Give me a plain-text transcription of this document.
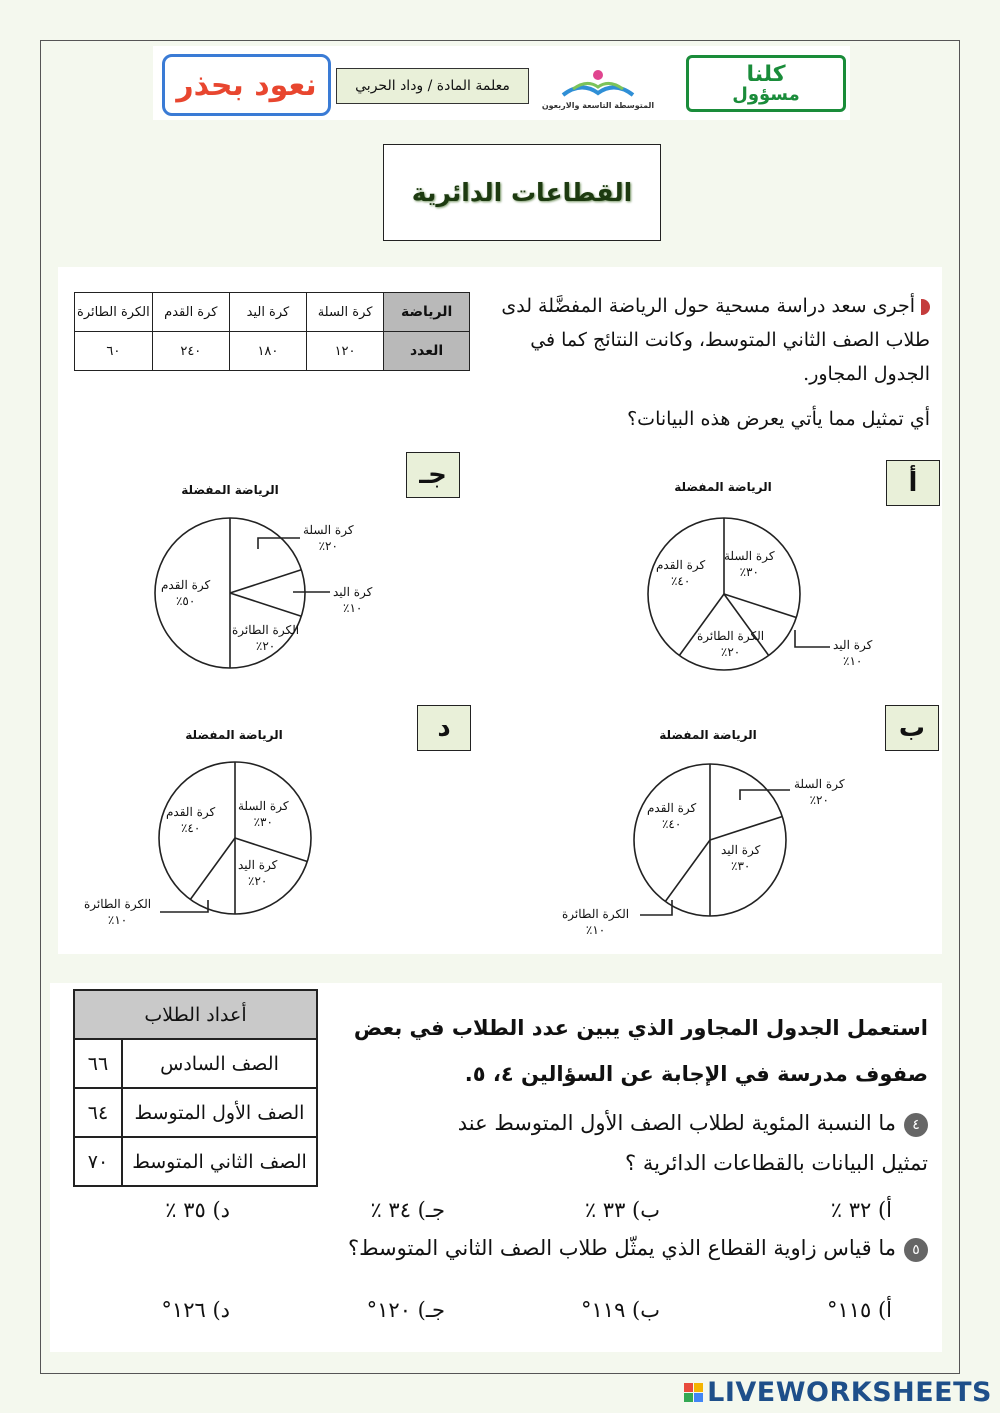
نعود بحذر	معلمة المادة / وداد الحربي
المتوسطة التاسعة والاربعون
كلنا
مسؤول
القطاعات الدائرية
الرياضة	كرة السلة	كرة اليد	كرة القدم	الكرة الطائرة
العدد	١٢٠	١٨٠	٢٤٠	٦٠
أجرى سعد دراسة مسحية حول الرياضة المفضَّلة لدى طلاب الصف الثاني المتوسط، وكانت النتائج كما في الجدول المجاور.
أي تمثيل مما يأتي يعرض هذه البيانات؟
أ
ب
جـ
د
الرياضة المفضلة
الرياضة المفضلة
الرياضة المفضلة
الرياضة المفضلة
كرة السلة
٣٠٪
كرة القدم
٤٠٪
الكرة الطائرة
٢٠٪	كرة اليد
١٠٪
كرة السلة
٢٠٪
كرة القدم
٤٠٪
كرة اليد
٣٠٪
الكرة الطائرة
١٠٪
كرة السلة
٢٠٪
كرة القدم
٥٠٪
كرة اليد
١٠٪
الكرة الطائرة
٢٠٪
كرة السلة
٣٠٪
كرة القدم
٤٠٪
كرة اليد
٢٠٪
الكرة الطائرة
١٠٪
أعداد الطلاب	
الصف السادس	٦٦
الصف الأول المتوسط	٦٤
الصف الثاني المتوسط	٧٠
استعمل الجدول المجاور الذي يبين عدد الطلاب في بعض صفوف مدرسة في الإجابة عن السؤالين ٤، ٥.
٤ما النسبة المئوية لطلاب الصف الأول المتوسط عند تمثيل البيانات بالقطاعات الدائرية ؟
أ) ٣٢ ٪
ب) ٣٣ ٪
جـ) ٣٤ ٪
د) ٣٥ ٪
٥ما قياس زاوية القطاع الذي يمثّل طلاب الصف الثاني المتوسط؟
أ) ١١٥°
ب) ١١٩°
جـ) ١٢٠°
د) ١٢٦°
LIVEWORKSHEETS
